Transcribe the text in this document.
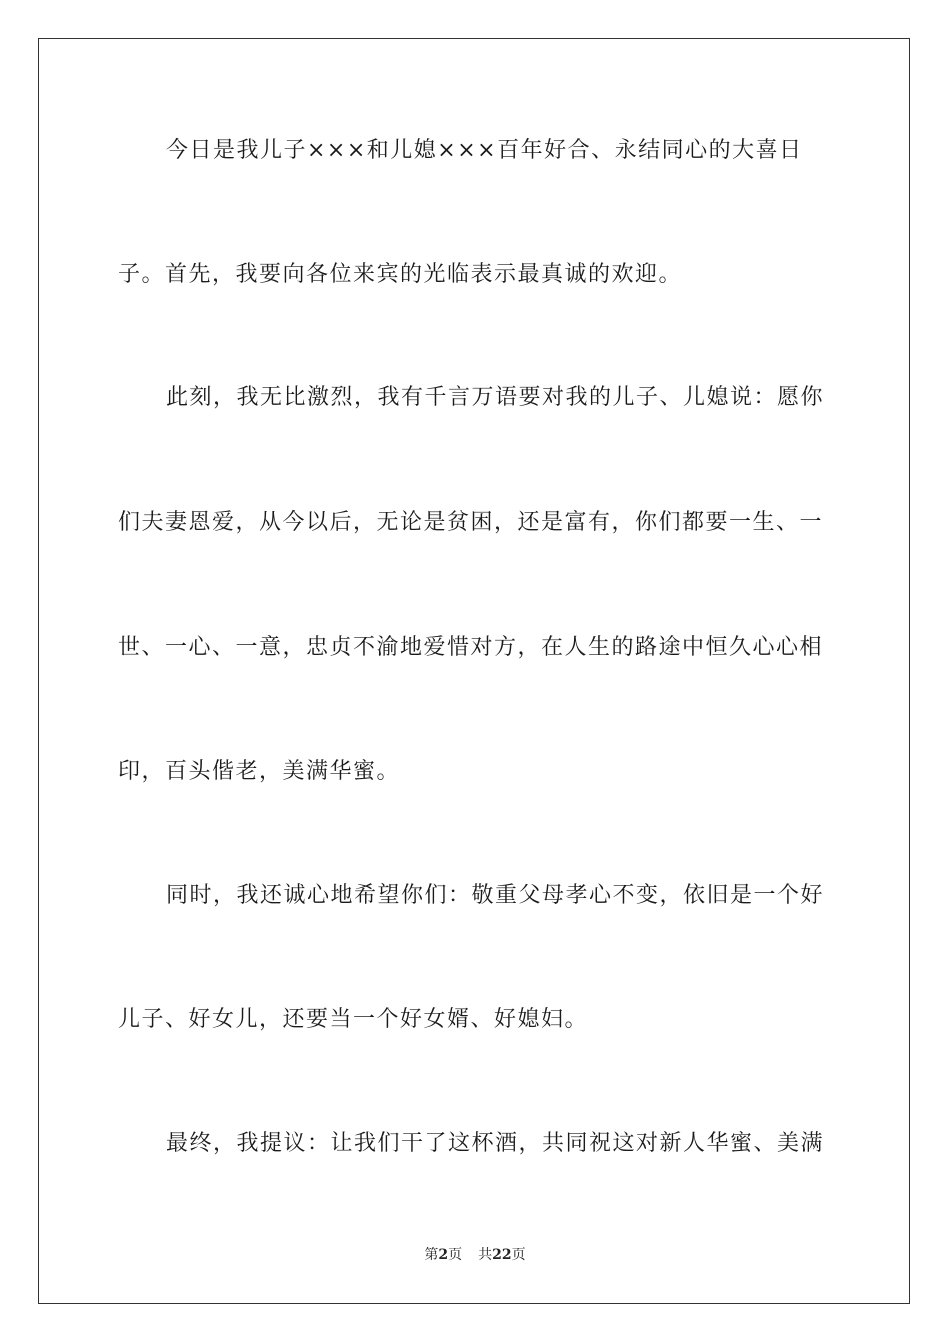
今日是我儿子×××和儿媳×××百年好合、永结同心的大喜日
子。首先，我要向各位来宾的光临表示最真诚的欢迎。
此刻，我无比激烈，我有千言万语要对我的儿子、儿媳说：愿你
们夫妻恩爱，从今以后，无论是贫困，还是富有，你们都要一生、一
世、一心、一意，忠贞不渝地爱惜对方，在人生的路途中恒久心心相
印，百头偕老，美满华蜜。
同时，我还诚心地希望你们：敬重父母孝心不变，依旧是一个好
儿子、好女儿，还要当一个好女婿、好媳妇。
最终，我提议：让我们干了这杯酒，共同祝这对新人华蜜、美满
第2页 共22页
